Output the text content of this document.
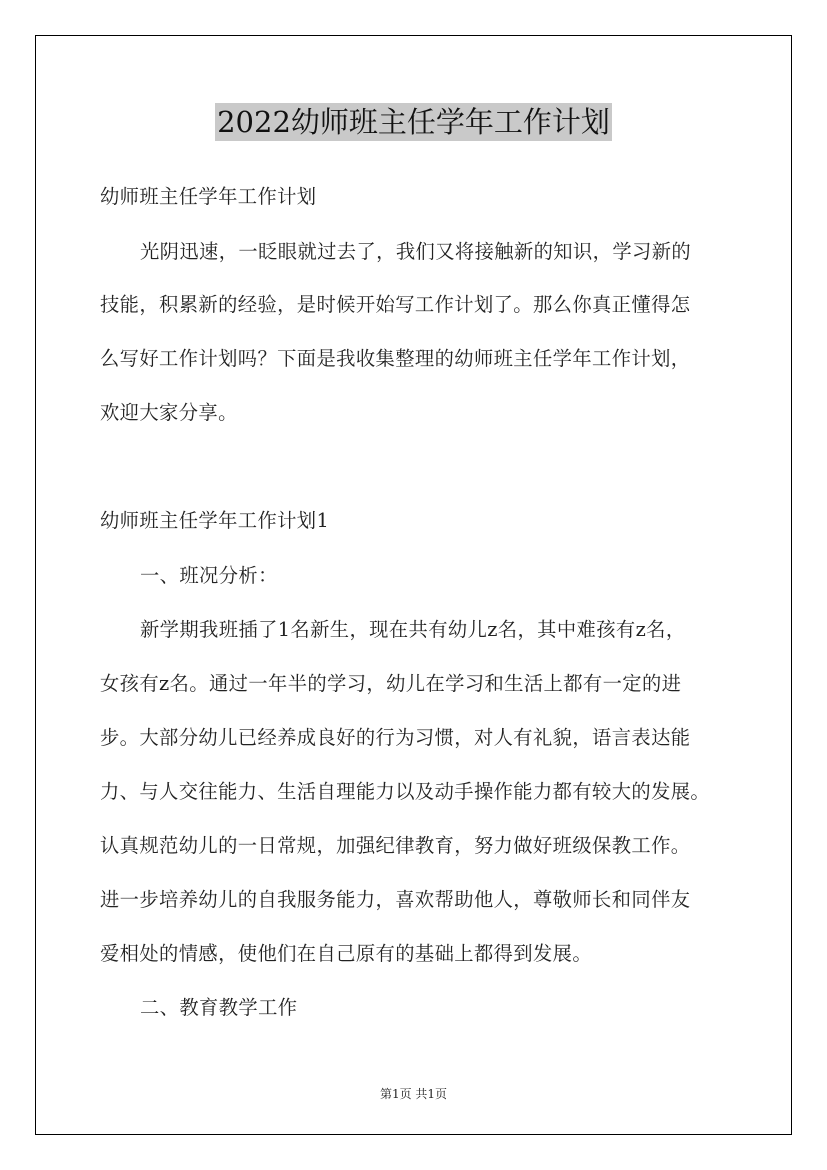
2022幼师班主任学年工作计划
幼师班主任学年工作计划
光阴迅速，一眨眼就过去了，我们又将接触新的知识，学习新的
技能，积累新的经验，是时候开始写工作计划了。那么你真正懂得怎
么写好工作计划吗？下面是我收集整理的幼师班主任学年工作计划，
欢迎大家分享。
幼师班主任学年工作计划1
一、班况分析：
新学期我班插了1名新生，现在共有幼儿z名，其中难孩有z名，
女孩有z名。通过一年半的学习，幼儿在学习和生活上都有一定的进
步。大部分幼儿已经养成良好的行为习惯，对人有礼貌，语言表达能
力、与人交往能力、生活自理能力以及动手操作能力都有较大的发展。
认真规范幼儿的一日常规，加强纪律教育，努力做好班级保教工作。
进一步培养幼儿的自我服务能力，喜欢帮助他人，尊敬师长和同伴友
爱相处的情感，使他们在自己原有的基础上都得到发展。
二、教育教学工作
第1页 共1页
